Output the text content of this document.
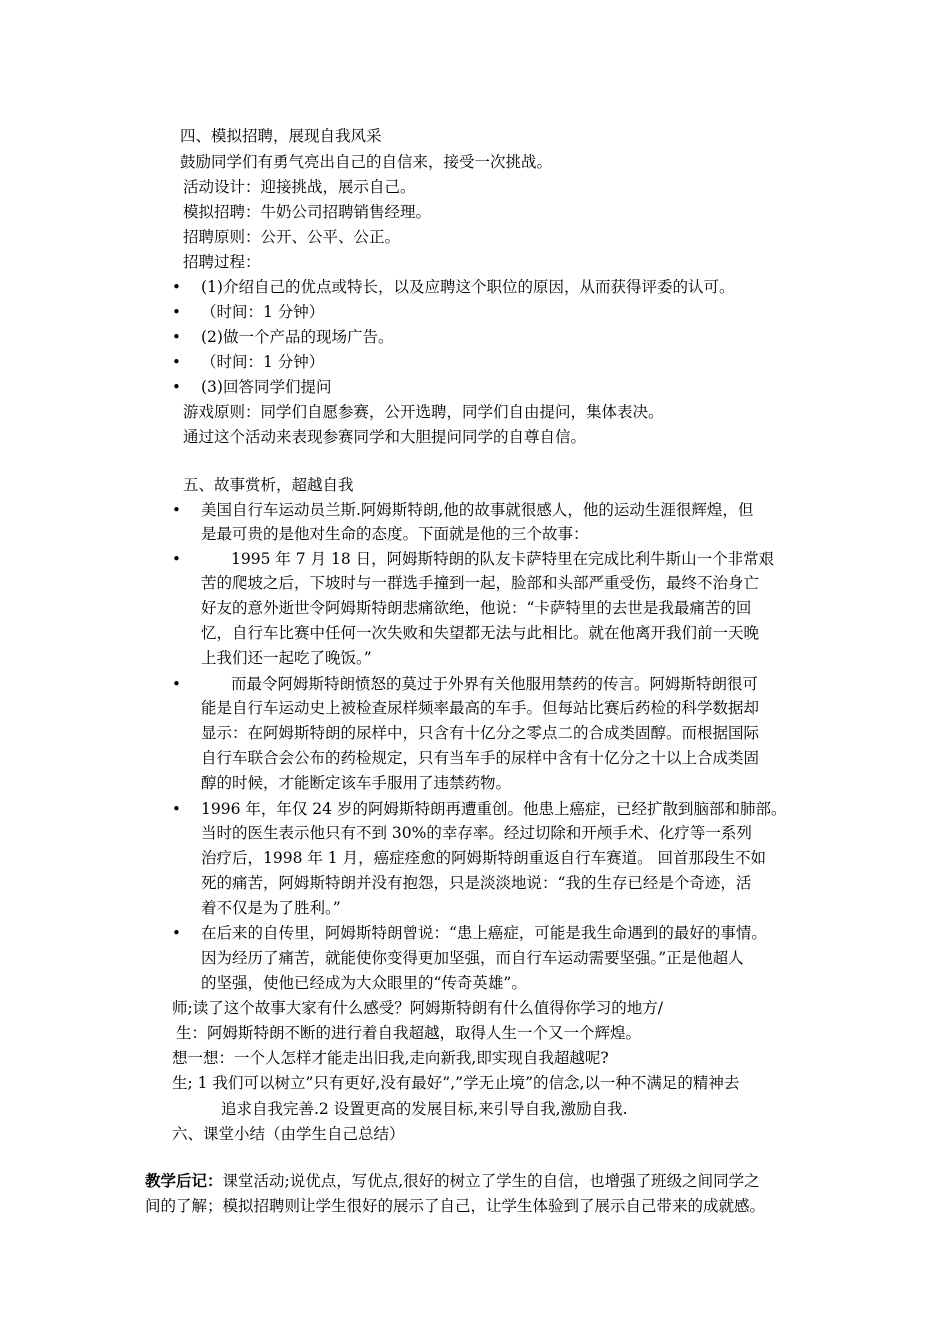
四、模拟招聘，展现自我风采
鼓励同学们有勇气亮出自己的自信来，接受一次挑战。
活动设计：迎接挑战，展示自己。
模拟招聘：牛奶公司招聘销售经理。
招聘原则：公开、公平、公正。
招聘过程：
• (1)介绍自己的优点或特长，以及应聘这个职位的原因，从而获得评委的认可。
• （时间：1 分钟）
• (2)做一个产品的现场广告。
• （时间：1 分钟）
• (3)回答同学们提问
游戏原则：同学们自愿参赛，公开选聘，同学们自由提问，集体表决。
通过这个活动来表现参赛同学和大胆提问同学的自尊自信。
五、故事赏析，超越自我
• 美国自行车运动员兰斯.阿姆斯特朗,他的故事就很感人，他的运动生涯很辉煌，但
是最可贵的是他对生命的态度。下面就是他的三个故事：
•	1995 年 7 月 18 日，阿姆斯特朗的队友卡萨特里在完成比利牛斯山一个非常艰
苦的爬坡之后，下坡时与一群选手撞到一起，脸部和头部严重受伤，最终不治身亡
好友的意外逝世令阿姆斯特朗悲痛欲绝，他说：“卡萨特里的去世是我最痛苦的回
忆，自行车比赛中任何一次失败和失望都无法与此相比。就在他离开我们前一天晚
上我们还一起吃了晚饭。”
•	而最令阿姆斯特朗愤怒的莫过于外界有关他服用禁药的传言。阿姆斯特朗很可
能是自行车运动史上被检查尿样频率最高的车手。但每站比赛后药检的科学数据却
显示：在阿姆斯特朗的尿样中，只含有十亿分之零点二的合成类固醇。而根据国际
自行车联合会公布的药检规定，只有当车手的尿样中含有十亿分之十以上合成类固
醇的时候，才能断定该车手服用了违禁药物。
• 1996 年，年仅 24 岁的阿姆斯特朗再遭重创。他患上癌症，已经扩散到脑部和肺部。
当时的医生表示他只有不到 30%的幸存率。经过切除和开颅手术、化疗等一系列
治疗后，1998 年 1 月，癌症痊愈的阿姆斯特朗重返自行车赛道。 回首那段生不如
死的痛苦，阿姆斯特朗并没有抱怨，只是淡淡地说：“我的生存已经是个奇迹，活
着不仅是为了胜利。”
• 在后来的自传里，阿姆斯特朗曾说：“患上癌症，可能是我生命遇到的最好的事情。
因为经历了痛苦，就能使你变得更加坚强，而自行车运动需要坚强。”正是他超人
的坚强，使他已经成为大众眼里的“传奇英雄”。
师;读了这个故事大家有什么感受？阿姆斯特朗有什么值得你学习的地方/
生：阿姆斯特朗不断的进行着自我超越，取得人生一个又一个辉煌。
想一想：一个人怎样才能走出旧我,走向新我,即实现自我超越呢?
生; 1 我们可以树立”只有更好,没有最好”,”学无止境”的信念,以一种不满足的精神去
追求自我完善.2 设置更高的发展目标,来引导自我,激励自我.
六、课堂小结（由学生自己总结）
教学后记：课堂活动;说优点，写优点,很好的树立了学生的自信，也增强了班级之间同学之
间的了解；模拟招聘则让学生很好的展示了自己，让学生体验到了展示自己带来的成就感。
